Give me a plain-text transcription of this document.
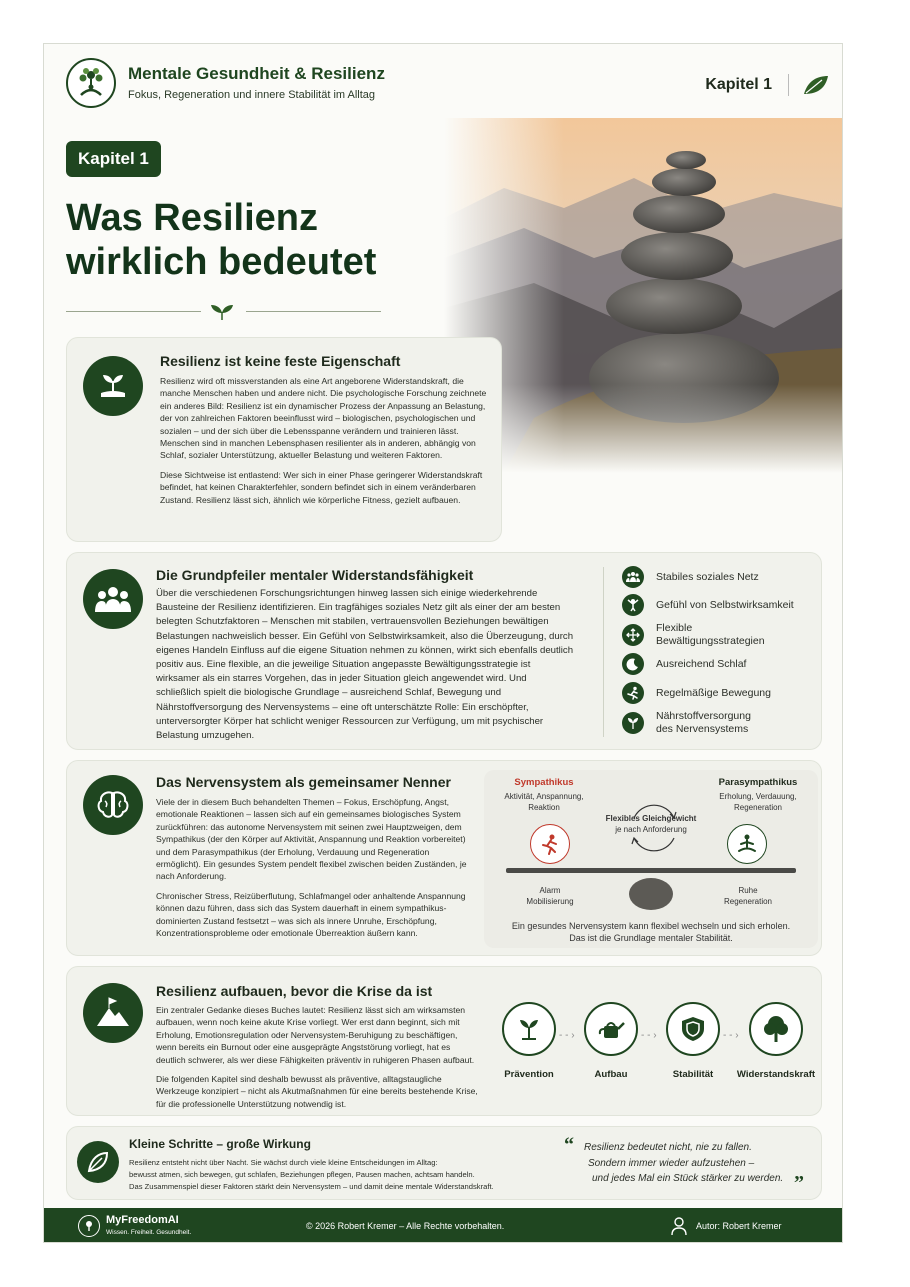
Mentale Gesundheit & Resilienz
Fokus, Regeneration und innere Stabilität im Alltag
Kapitel 1
Kapitel 1
Was Resilienz
wirklich bedeutet
Resilienz ist keine feste Eigenschaft

Resilienz wird oft missverstanden als eine Art angeborene Widerstandskraft, die manche Menschen haben und andere nicht. Die psychologische Forschung zeichnete ein anderes Bild: Resilienz ist ein dynamischer Prozess der Anpassung an Belastung, der von zahlreichen Faktoren beeinflusst wird – biologischen, psychologischen und sozialen – und der sich über die Lebensspanne verändern und trainieren lässt. Menschen sind in manchen Lebensphasen resilienter als in anderen, abhängig von Schlaf, sozialer Unterstützung, aktueller Belastung und weiteren Faktoren.

Diese Sichtweise ist entlastend: Wer sich in einer Phase geringerer Widerstandskraft befindet, hat keinen Charakterfehler, sondern befindet sich in einem veränderbaren Zustand. Resilienz lässt sich, ähnlich wie körperliche Fitness, gezielt aufbauen.

Die Grundpfeiler mentaler Widerstandsfähigkeit
Über die verschiedenen Forschungsrichtungen hinweg lassen sich einige wiederkehrende Bausteine der Resilienz identifizieren. Ein tragfähiges soziales Netz gilt als einer der am besten belegten Schutzfaktoren – Menschen mit stabilen, vertrauensvollen Beziehungen bewältigen Belastungen nachweislich besser. Ein Gefühl von Selbstwirksamkeit, also die Überzeugung, durch eigenes Handeln Einfluss auf die eigene Situation nehmen zu können, wirkt sich ebenfalls deutlich positiv aus. Eine flexible, an die jeweilige Situation angepasste Bewältigungsstrategie ist wirksamer als ein starres Vorgehen, das in jeder Situation gleich angewendet wird. Und schließlich spielt die biologische Grundlage – ausreichend Schlaf, Bewegung und Nährstoffversorgung des Nervensystems – eine oft unterschätzte Rolle: Ein erschöpfter, unterversorgter Körper hat schlicht weniger Ressourcen zur Verfügung, um mit psychischer Belastung umzugehen.
Stabiles soziales Netz
Gefühl von Selbstwirksamkeit
Flexible
Bewältigungsstrategien
Ausreichend Schlaf
Regelmäßige Bewegung
Nährstoffversorgung
des Nervensystems
Das Nervensystem als gemeinsamer Nenner

Viele der in diesem Buch behandelten Themen – Fokus, Erschöpfung, Angst, emotionale Reaktionen – lassen sich auf ein gemeinsames biologisches System zurückführen: das autonome Nervensystem mit seinen zwei Hauptzweigen, dem Sympathikus (der den Körper auf Aktivität, Anspannung und Reaktion vorbereitet) und dem Parasympathikus (der Erholung, Verdauung und Regeneration ermöglicht). Ein gesundes System pendelt flexibel zwischen beiden Zuständen, je nach Anforderung.

Chronischer Stress, Reizüberflutung, Schlafmangel oder anhaltende Anspannung können dazu führen, dass sich das System dauerhaft in einem sympathikus-dominierten Zustand festsetzt – was sich als innere Unruhe, Erschöpfung, Konzentrationsprobleme oder emotionale Überreaktion äußern kann.

Sympathikus
Aktivität, Anspannung,
Reaktion
Parasympathikus
Erholung, Verdauung,
Regeneration
Flexibles Gleichgewicht
je nach Anforderung
Alarm
Mobilisierung
Ruhe
Regeneration
Ein gesundes Nervensystem kann flexibel wechseln und sich erholen.
Das ist die Grundlage mentaler Stabilität.
Resilienz aufbauen, bevor die Krise da ist

Ein zentraler Gedanke dieses Buches lautet: Resilienz lässt sich am wirksamsten aufbauen, wenn noch keine akute Krise vorliegt. Wer erst dann beginnt, sich mit Erholung, Emotionsregulation oder Nervensystem-Beruhigung zu beschäftigen, wenn bereits ein Burnout oder eine ausgeprägte Angststörung vorliegt, hat es deutlich schwerer, als wer diese Fähigkeiten präventiv in ruhigeren Phasen aufbaut.

Die folgenden Kapitel sind deshalb bewusst als präventive, alltagstaugliche Werkzeuge konzipiert – nicht als Akutmaßnahmen für eine bereits bestehende Krise, für die professionelle Unterstützung notwendig ist.

Prävention
- - ›
Aufbau
- - ›
Stabilität
- - ›
Widerstandskraft
Kleine Schritte – große Wirkung
Resilienz entsteht nicht über Nacht. Sie wächst durch viele kleine Entscheidungen im Alltag:
bewusst atmen, sich bewegen, gut schlafen, Beziehungen pflegen, Pausen machen, achtsam handeln.
Das Zusammenspiel dieser Faktoren stärkt dein Nervensystem – und damit deine mentale Widerstandskraft.
“ Resilienz bedeutet nicht, nie zu fallen.
Sondern immer wieder aufzustehen –
und jedes Mal ein Stück stärker zu werden. ”
MyFreedomAI
Wissen. Freiheit. Gesundheit.
© 2026 Robert Kremer – Alle Rechte vorbehalten.	Autor: Robert Kremer
